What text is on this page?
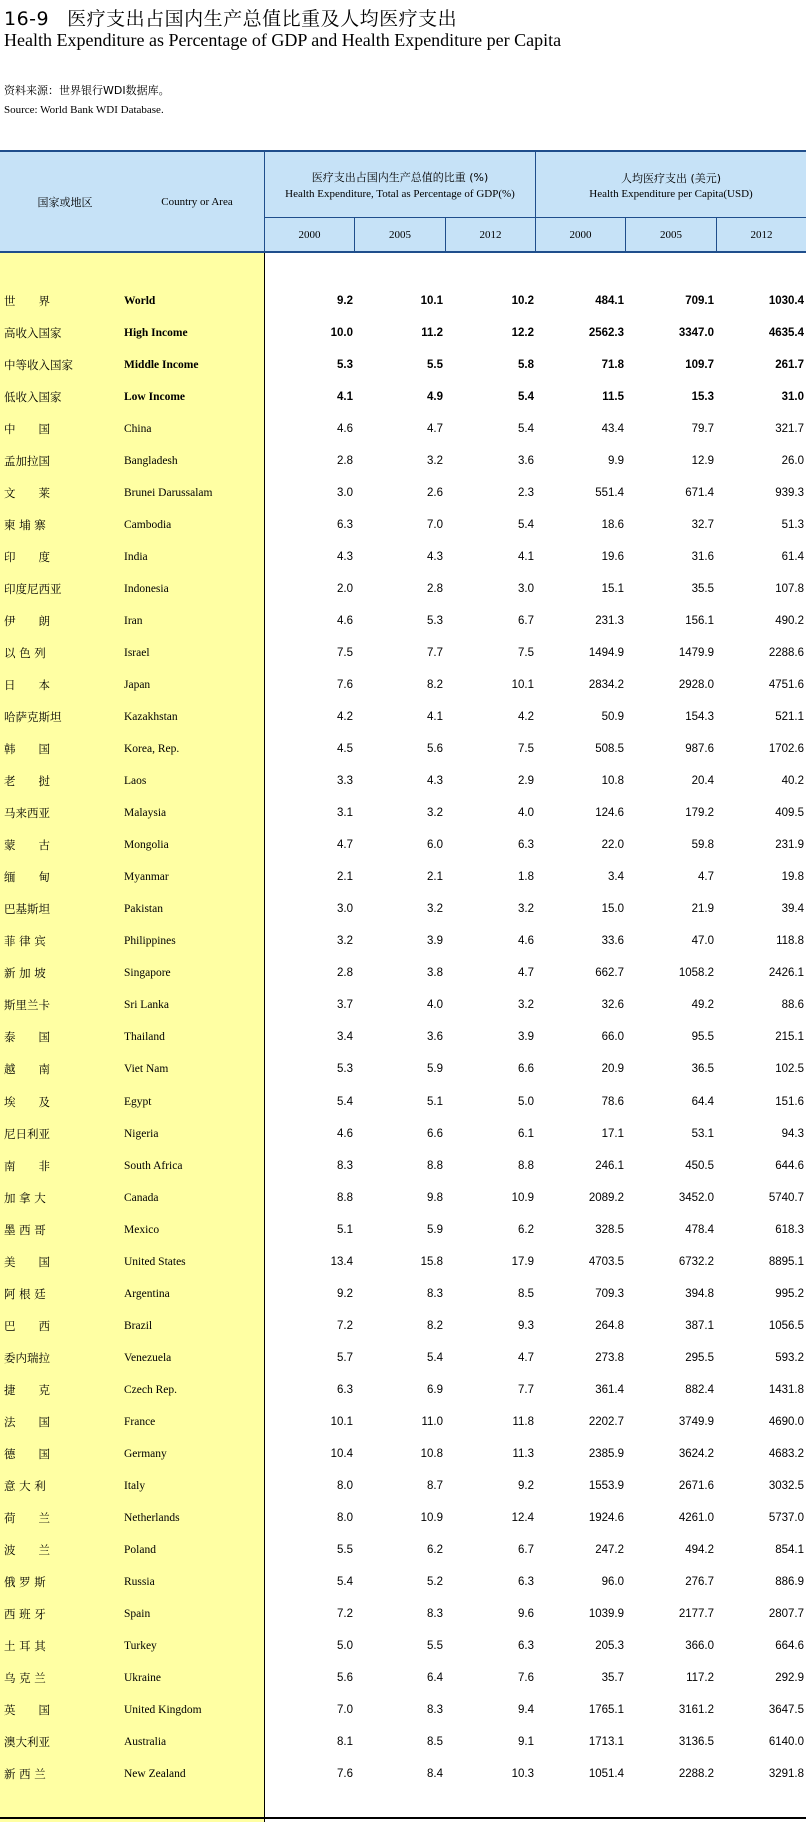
16-9 医疗支出占国内生产总值比重及人均医疗支出
Health Expenditure as Percentage of GDP and Health Expenditure per Capita
资料来源：世界银行WDI数据库。
Source: World Bank WDI Database.
国家或地区	Country or Area
医疗支出占国内生产总值的比重 (%)
Health Expenditure, Total as Percentage of GDP(%)
人均医疗支出 (美元)
Health Expenditure per Capita(USD)
2000	2005	2012	2000	2005	2012
世　　界	World	9.2	10.1	10.2	484.1	709.1	1030.4
高收入国家	High Income	10.0	11.2	12.2	2562.3	3347.0	4635.4
中等收入国家	Middle Income	5.3	5.5	5.8	71.8	109.7	261.7
低收入国家	Low Income	4.1	4.9	5.4	11.5	15.3	31.0
中　　国	China	4.6	4.7	5.4	43.4	79.7	321.7
孟加拉国	Bangladesh	2.8	3.2	3.6	9.9	12.9	26.0
文　　莱	Brunei Darussalam	3.0	2.6	2.3	551.4	671.4	939.3
柬 埔 寨	Cambodia	6.3	7.0	5.4	18.6	32.7	51.3
印　　度	India	4.3	4.3	4.1	19.6	31.6	61.4
印度尼西亚	Indonesia	2.0	2.8	3.0	15.1	35.5	107.8
伊　　朗	Iran	4.6	5.3	6.7	231.3	156.1	490.2
以 色 列	Israel	7.5	7.7	7.5	1494.9	1479.9	2288.6
日　　本	Japan	7.6	8.2	10.1	2834.2	2928.0	4751.6
哈萨克斯坦	Kazakhstan	4.2	4.1	4.2	50.9	154.3	521.1
韩　　国	Korea, Rep.	4.5	5.6	7.5	508.5	987.6	1702.6
老　　挝	Laos	3.3	4.3	2.9	10.8	20.4	40.2
马来西亚	Malaysia	3.1	3.2	4.0	124.6	179.2	409.5
蒙　　古	Mongolia	4.7	6.0	6.3	22.0	59.8	231.9
缅　　甸	Myanmar	2.1	2.1	1.8	3.4	4.7	19.8
巴基斯坦	Pakistan	3.0	3.2	3.2	15.0	21.9	39.4
菲 律 宾	Philippines	3.2	3.9	4.6	33.6	47.0	118.8
新 加 坡	Singapore	2.8	3.8	4.7	662.7	1058.2	2426.1
斯里兰卡	Sri Lanka	3.7	4.0	3.2	32.6	49.2	88.6
泰　　国	Thailand	3.4	3.6	3.9	66.0	95.5	215.1
越　　南	Viet Nam	5.3	5.9	6.6	20.9	36.5	102.5
埃　　及	Egypt	5.4	5.1	5.0	78.6	64.4	151.6
尼日利亚	Nigeria	4.6	6.6	6.1	17.1	53.1	94.3
南　　非	South Africa	8.3	8.8	8.8	246.1	450.5	644.6
加 拿 大	Canada	8.8	9.8	10.9	2089.2	3452.0	5740.7
墨 西 哥	Mexico	5.1	5.9	6.2	328.5	478.4	618.3
美　　国	United States	13.4	15.8	17.9	4703.5	6732.2	8895.1
阿 根 廷	Argentina	9.2	8.3	8.5	709.3	394.8	995.2
巴　　西	Brazil	7.2	8.2	9.3	264.8	387.1	1056.5
委内瑞拉	Venezuela	5.7	5.4	4.7	273.8	295.5	593.2
捷　　克	Czech Rep.	6.3	6.9	7.7	361.4	882.4	1431.8
法　　国	France	10.1	11.0	11.8	2202.7	3749.9	4690.0
德　　国	Germany	10.4	10.8	11.3	2385.9	3624.2	4683.2
意 大 利	Italy	8.0	8.7	9.2	1553.9	2671.6	3032.5
荷　　兰	Netherlands	8.0	10.9	12.4	1924.6	4261.0	5737.0
波　　兰	Poland	5.5	6.2	6.7	247.2	494.2	854.1
俄 罗 斯	Russia	5.4	5.2	6.3	96.0	276.7	886.9
西 班 牙	Spain	7.2	8.3	9.6	1039.9	2177.7	2807.7
土 耳 其	Turkey	5.0	5.5	6.3	205.3	366.0	664.6
乌 克 兰	Ukraine	5.6	6.4	7.6	35.7	117.2	292.9
英　　国	United Kingdom	7.0	8.3	9.4	1765.1	3161.2	3647.5
澳大利亚	Australia	8.1	8.5	9.1	1713.1	3136.5	6140.0
新 西 兰	New Zealand	7.6	8.4	10.3	1051.4	2288.2	3291.8
